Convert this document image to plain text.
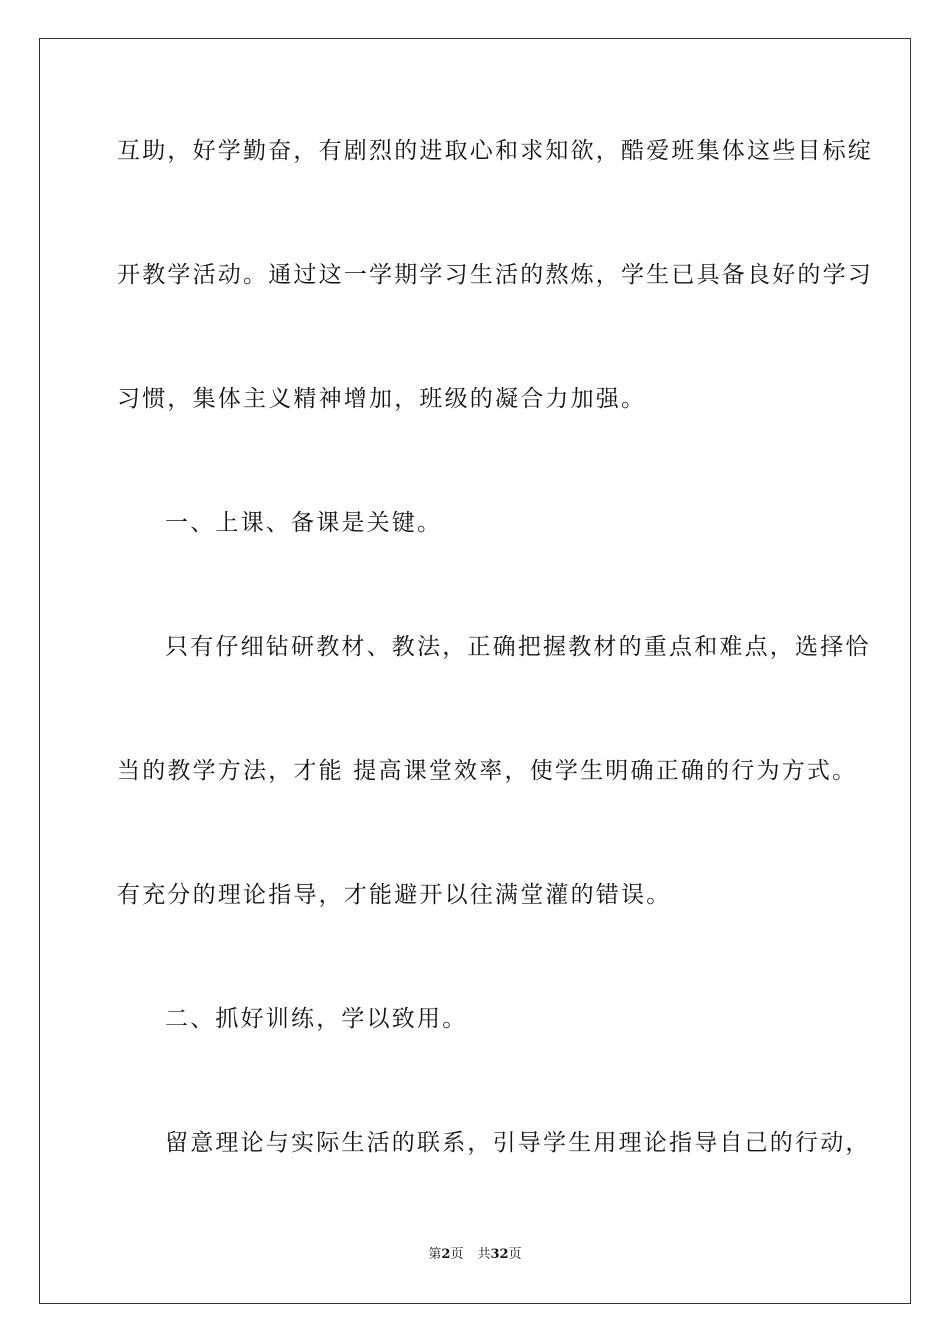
互助，好学勤奋，有剧烈的进取心和求知欲，酷爱班集体这些目标绽
开教学活动。通过这一学期学习生活的熬炼，学生已具备良好的学习
习惯，集体主义精神增加，班级的凝合力加强。
一、上课、备课是关键。
只有仔细钻研教材、教法，正确把握教材的重点和难点，选择恰
当的教学方法，才能 提高课堂效率，使学生明确正确的行为方式。
有充分的理论指导，才能避开以往满堂灌的错误。
二、抓好训练，学以致用。
留意理论与实际生活的联系，引导学生用理论指导自己的行动，
第2页 共32页
